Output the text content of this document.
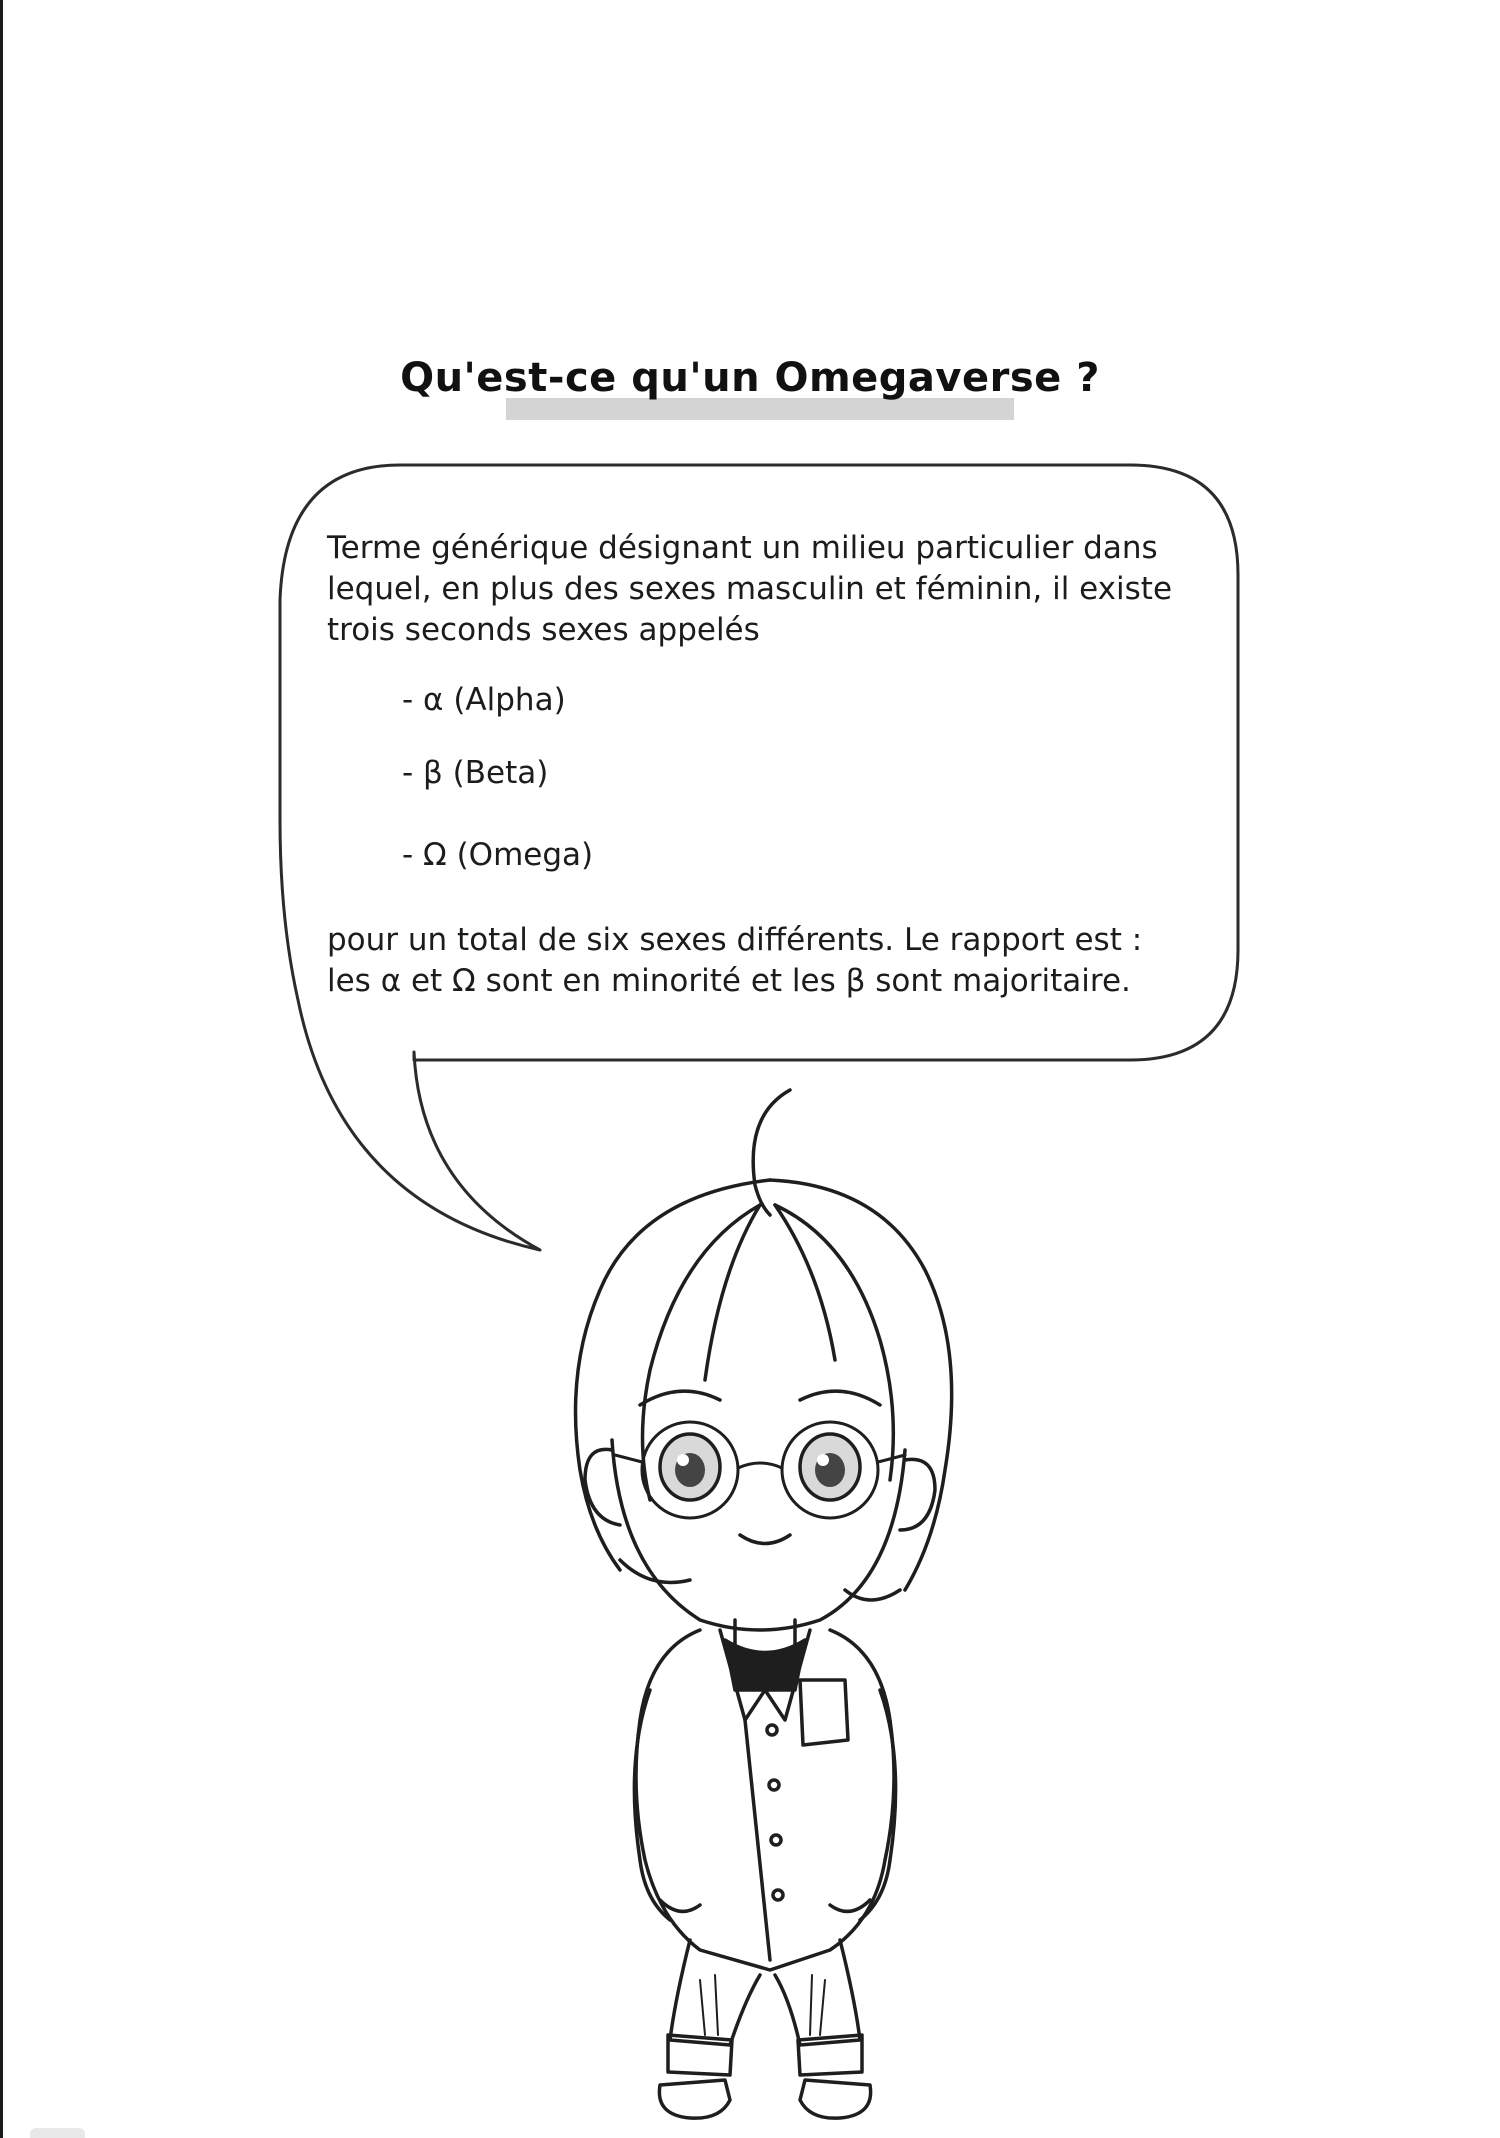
Qu'est-ce qu'un Omegaverse ?

Terme générique désignant un milieu particulier dans lequel, en plus des sexes masculin et féminin, il existe trois seconds sexes appelés

- α (Alpha)
- β (Beta)
- Ω (Omega)

pour un total de six sexes différents. Le rapport est : les α et Ω sont en minorité et les β sont majoritaire.
